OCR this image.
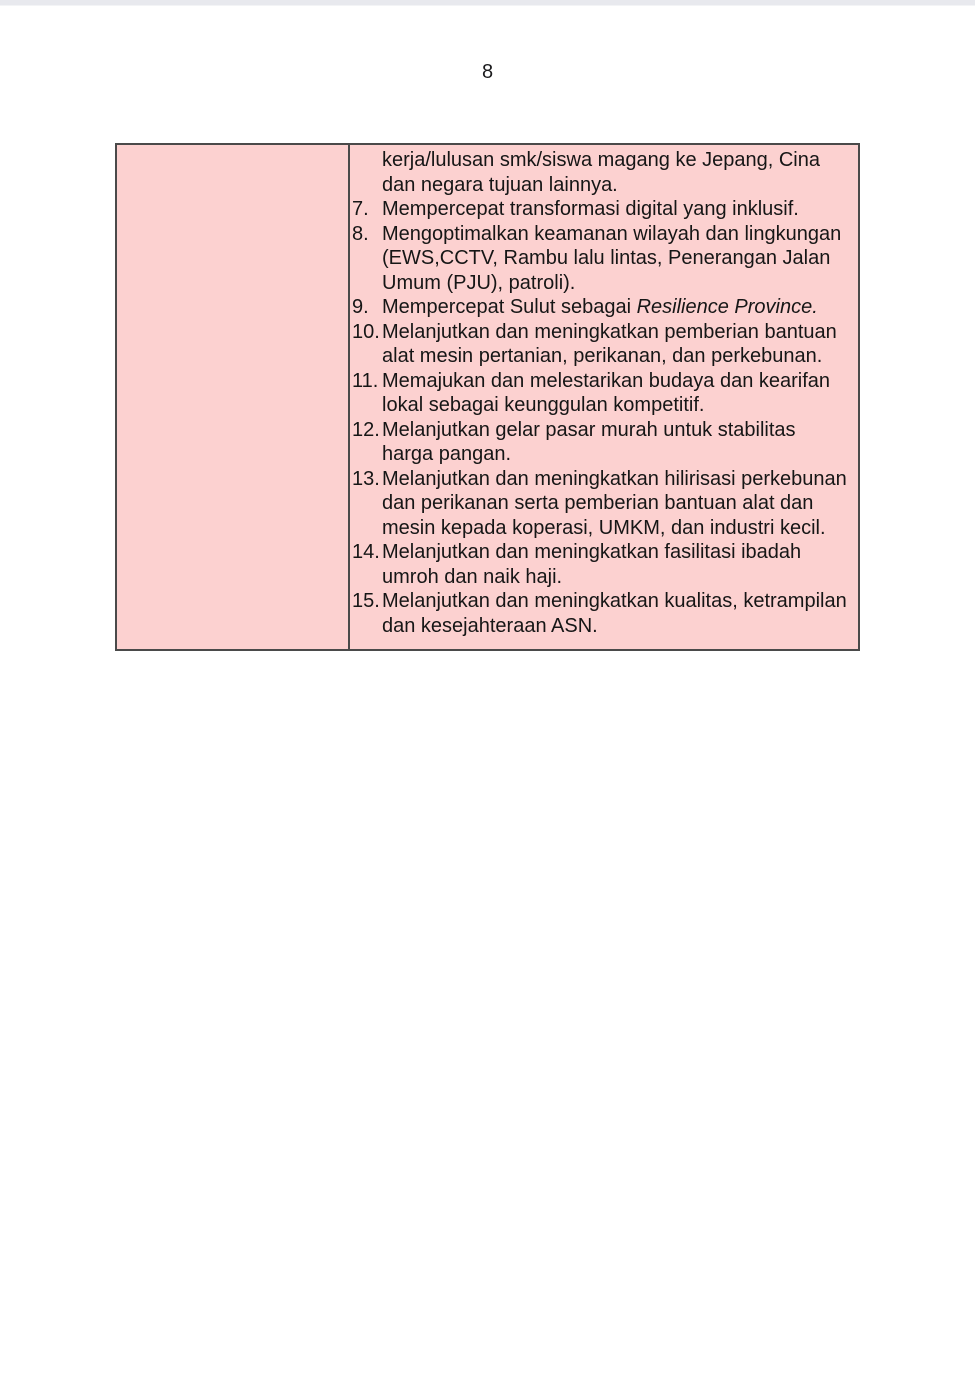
8
kerja/lulusan smk/siswa magang ke Jepang, Cina dan negara tujuan lainnya.
7. Mempercepat transformasi digital yang inklusif.
8. Mengoptimalkan keamanan wilayah dan lingkungan (EWS,CCTV, Rambu lalu lintas, Penerangan Jalan Umum (PJU), patroli).
9. Mempercepat Sulut sebagai Resilience Province.
10. Melanjutkan dan meningkatkan pemberian bantuan alat mesin pertanian, perikanan, dan perkebunan.
11. Memajukan dan melestarikan budaya dan kearifan lokal sebagai keunggulan kompetitif.
12. Melanjutkan gelar pasar murah untuk stabilitas harga pangan.
13. Melanjutkan dan meningkatkan hilirisasi perkebunan dan perikanan serta pemberian bantuan alat dan mesin kepada koperasi, UMKM, dan industri kecil.
14. Melanjutkan dan meningkatkan fasilitasi ibadah umroh dan naik haji.
15. Melanjutkan dan meningkatkan kualitas, ketrampilan dan kesejahteraan ASN.
